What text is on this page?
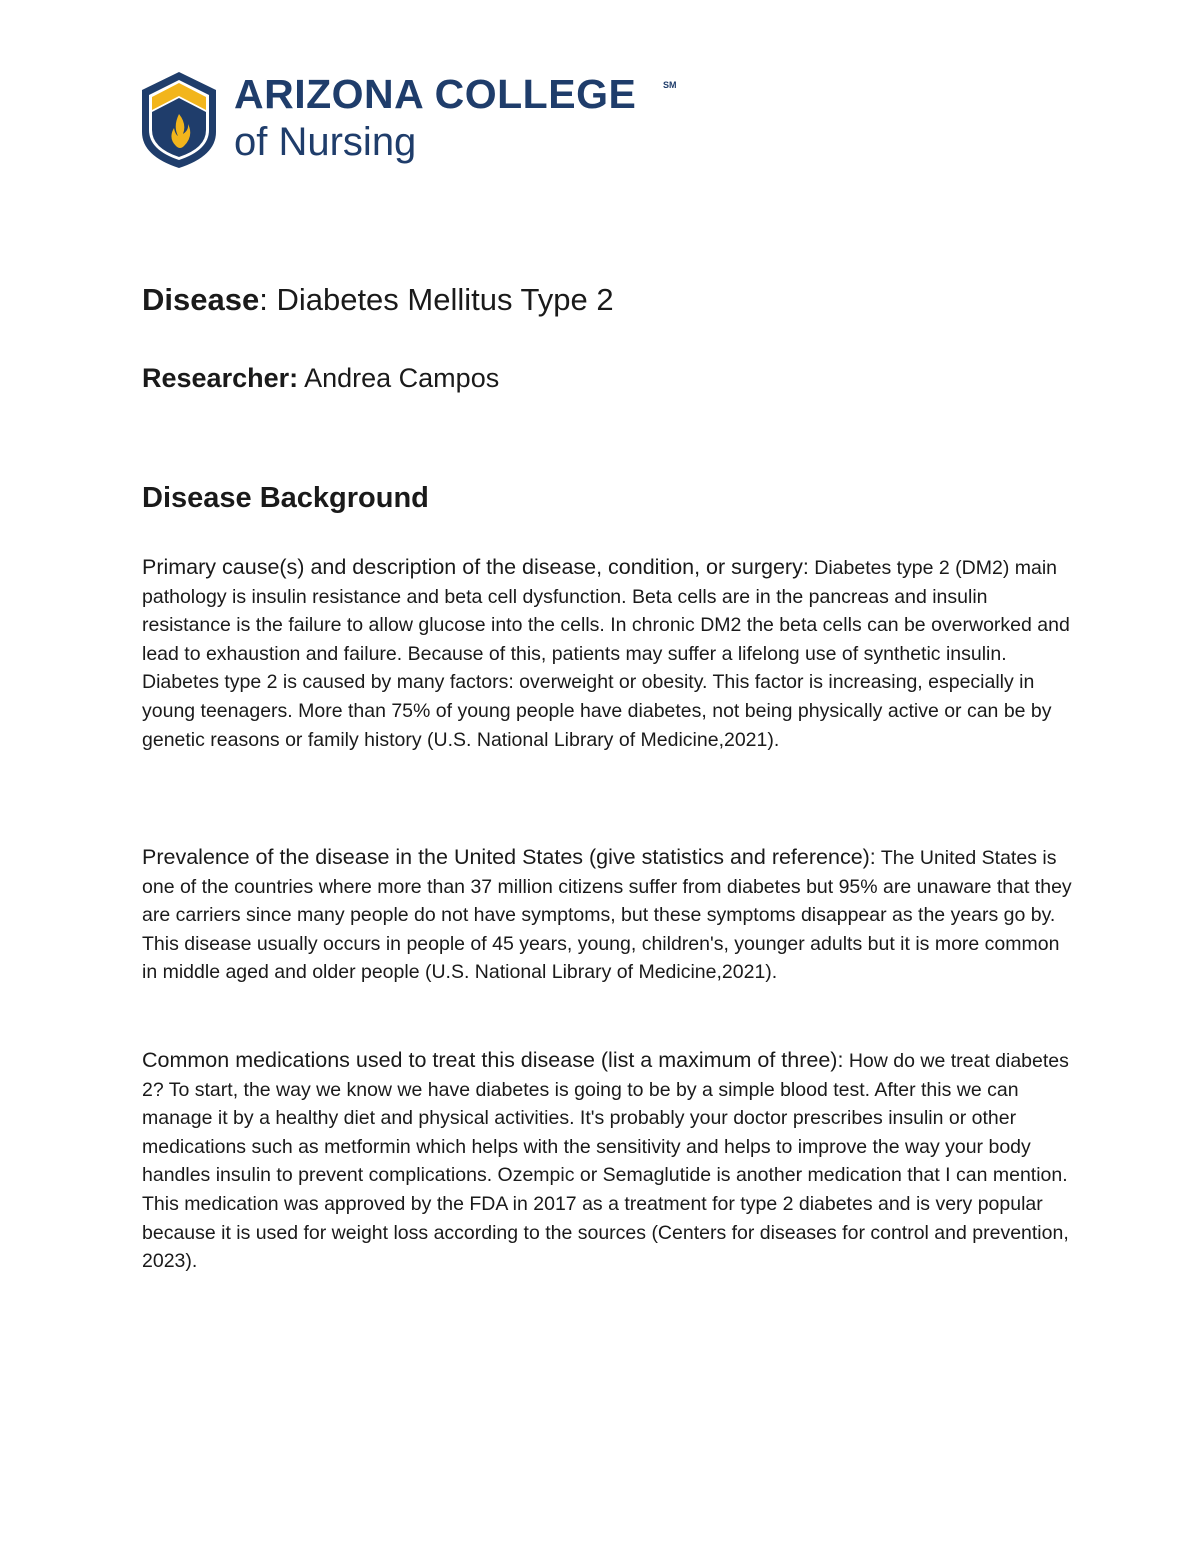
ARIZONA COLLEGE	SM
of Nursing
Disease: Diabetes Mellitus Type 2
Researcher: Andrea Campos
Disease Background

Primary cause(s) and description of the disease, condition, or surgery: Diabetes type 2 (DM2) main pathology is insulin resistance and beta cell dysfunction. Beta cells are in the pancreas and insulin resistance is the failure to allow glucose into the cells. In chronic DM2 the beta cells can be overworked and lead to exhaustion and failure. Because of this, patients may suffer a lifelong use of synthetic insulin. Diabetes type 2 is caused by many factors: overweight or obesity. This factor is increasing, especially in young teenagers. More than 75% of young people have diabetes, not being physically active or can be by genetic reasons or family history (U.S. National Library of Medicine,2021).

Prevalence of the disease in the United States (give statistics and reference): The United States is one of the countries where more than 37 million citizens suffer from diabetes but 95% are unaware that they are carriers since many people do not have symptoms, but these symptoms disappear as the years go by. This disease usually occurs in people of 45 years, young, children's, younger adults but it is more common in middle aged and older people (U.S. National Library of Medicine,2021).

Common medications used to treat this disease (list a maximum of three): How do we treat diabetes 2? To start, the way we know we have diabetes is going to be by a simple blood test. After this we can manage it by a healthy diet and physical activities. It's probably your doctor prescribes insulin or other medications such as metformin which helps with the sensitivity and helps to improve the way your body handles insulin to prevent complications. Ozempic or Semaglutide is another medication that I can mention. This medication was approved by the FDA in 2017 as a treatment for type 2 diabetes and is very popular because it is used for weight loss according to the sources (Centers for diseases for control and prevention, 2023).
